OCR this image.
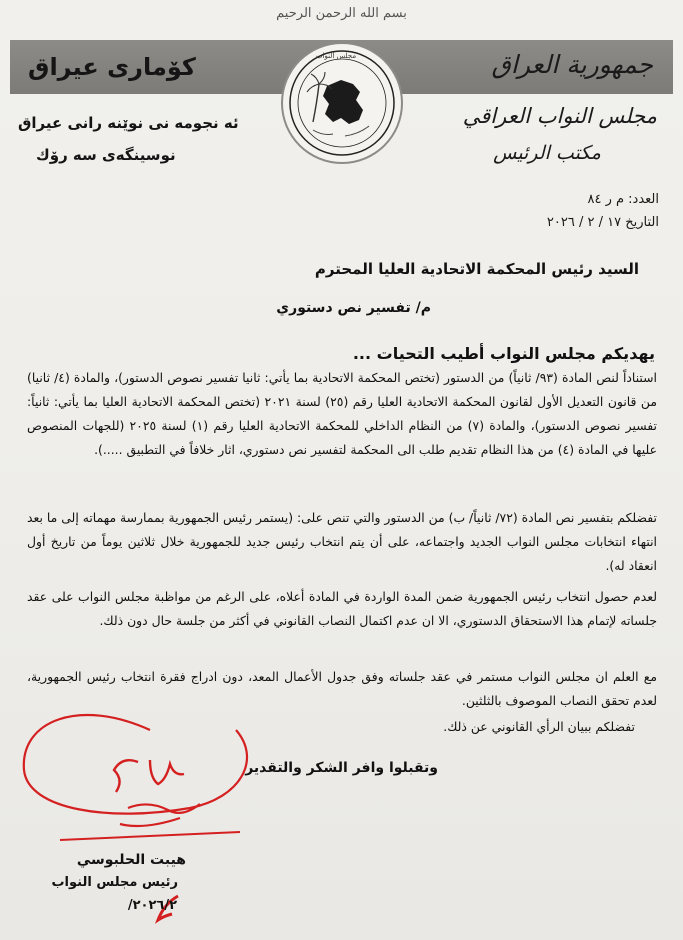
بسم الله الرحمن الرحيم
جمهورية العراق
کۆماری عیراق	مجلس النواب
مجلس النواب العراقي
مكتب الرئيس
ئه نجومه نی نوێنه رانی عیراق
نوسینگه‌ی سه رۆك
العدد: م ر ٨٤
التاريخ ١٧ / ٢ / ٢٠٢٦
السيد رئيس المحكمة الاتحادية العليا المحترم
م/ تفسير نص دستوري
يهديكم مجلس النواب أطيب التحيات ...
استناداً لنص المادة (٩٣/ ثانياً) من الدستور (تختص المحكمة الاتحادية بما يأتي: ثانيا تفسير نصوص الدستور)، والمادة (٤/ ثانيا) من قانون التعديل الأول لقانون المحكمة الاتحادية العليا رقم (٢٥) لسنة ٢٠٢١ (تختص المحكمة الاتحادية العليا بما يأتي: ثانياً: تفسير نصوص الدستور)، والمادة (٧) من النظام الداخلي للمحكمة الاتحادية العليا رقم (١) لسنة ٢٠٢٥ (للجهات المنصوص عليها في المادة (٤) من هذا النظام تقديم طلب الى المحكمة لتفسير نص دستوري، اثار خلافاً في التطبيق .....).
تفضلكم بتفسير نص المادة (٧٢/ ثانياً/ ب) من الدستور والتي تنص على: (يستمر رئيس الجمهورية بممارسة مهماته إلى ما بعد انتهاء انتخابات مجلس النواب الجديد واجتماعه، على أن يتم انتخاب رئيس جديد للجمهورية خلال ثلاثين يوماً من تاريخ أول انعقاد له).
لعدم حصول انتخاب رئيس الجمهورية ضمن المدة الواردة في المادة أعلاه، على الرغم من مواظبة مجلس النواب على عقد جلساته لإتمام هذا الاستحقاق الدستوري، الا ان عدم اكتمال النصاب القانوني في أكثر من جلسة حال دون ذلك.
مع العلم ان مجلس النواب مستمر في عقد جلساته وفق جدول الأعمال المعد، دون ادراج فقرة انتخاب رئيس الجمهورية، لعدم تحقق النصاب الموصوف بالثلثين.
تفضلكم ببيان الرأي القانوني عن ذلك.
وتقبلوا وافر الشكر والتقدير
هيبت الحلبوسي
رئيس مجلس النواب
٢٠٢٦/٢/
